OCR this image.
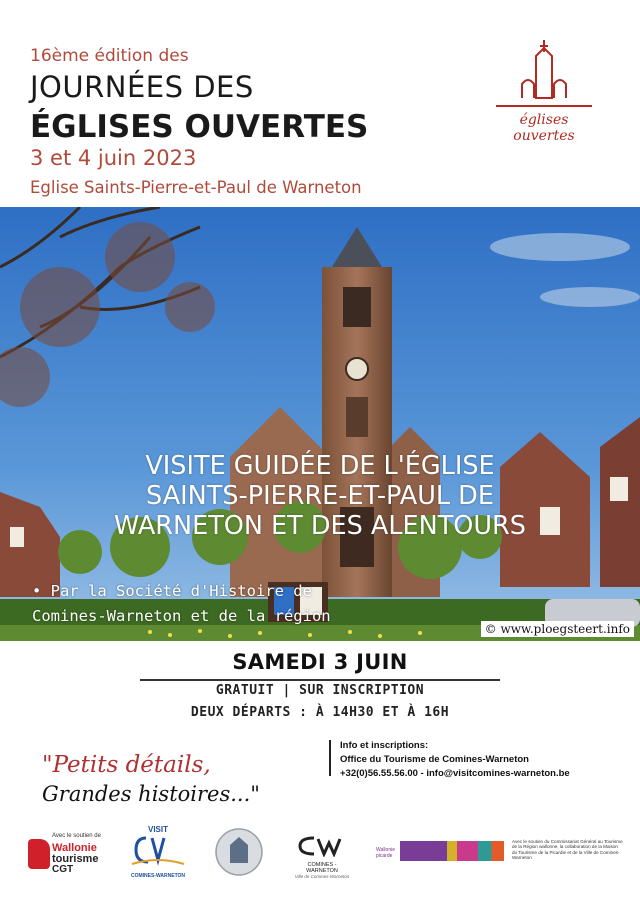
16ème édition des
JOURNÉES DES
ÉGLISES OUVERTES
3 et 4 juin 2023
Eglise Saints-Pierre-et-Paul de Warneton
églises ouvertes
VISITE GUIDÉE DE L'ÉGLISE
SAINTS-PIERRE-ET-PAUL DE
WARNETON ET DES ALENTOURS
• Par la Société d'Histoire de
Comines-Warneton et de la région
© www.ploegsteert.info
SAMEDI 3 JUIN
GRATUIT | SUR INSCRIPTION
DEUX DÉPARTS : À 14H30 ET À 16H
"Petits détails,
Grandes histoires..."
Info et inscriptions:
Office du Tourisme de Comines-Warneton
+32(0)56.55.56.00 - info@visitcomines-warneton.be
Avec le soutien de
Wallonie
tourisme
CGT
VISIT
COMINES-WARNETON
COMINES - WARNETON
Ville de Comines-Warneton
Wallonie picarde
Avec le soutien du Commissariat Général au Tourisme de la Région wallonne, la collaboration de la Maison du Tourisme de la Picardie et de la Ville de Comines-Warneton
